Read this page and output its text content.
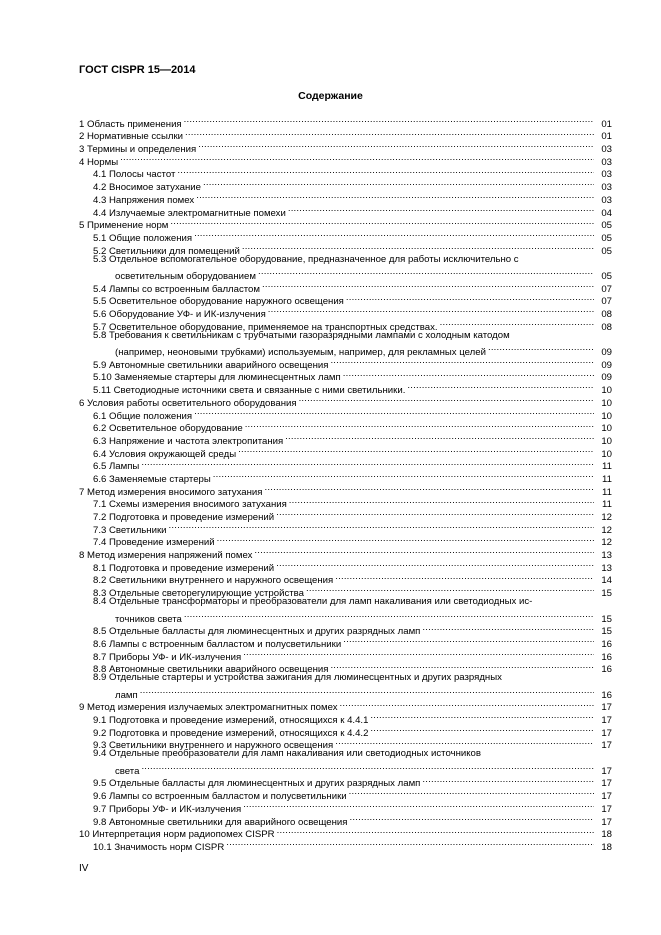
ГОСТ CISPR 15—2014
Содержание
1 Область применения .....	01
2 Нормативные ссылки .....	01
3 Термины и определения .....	03
4 Нормы .....	03
4.1 Полосы частот .....	03
4.2 Вносимое затухание .....	03
4.3 Напряжения помех .....	03
4.4 Излучаемые электромагнитные помехи .....	04
5 Применение норм .....	05
5.1 Общие положения .....	05
5.2 Светильники для помещений .....	05
5.3 Отдельное вспомогательное оборудование, предназначенное для работы исключительно с
осветительным оборудованием .....	05
5.4 Лампы со встроенным балластом .....	07
5.5 Осветительное оборудование наружного освещения .....	07
5.6 Оборудование УФ- и ИК-излучения .....	08
5.7 Осветительное оборудование, применяемое на транспортных средствах. .....	08
5.8 Требования к светильникам с трубчатыми газоразрядными лампами с холодным катодом
(например, неоновыми трубками) используемым, например, для рекламных целей .....	09
5.9 Автономные светильники аварийного освещения .....	09
5.10 Заменяемые стартеры для люминесцентных ламп .....	09
5.11 Светодиодные источники света и связанные с ними светильники. .....	10
6 Условия работы осветительного оборудования .....	10
6.1 Общие положения .....	10
6.2 Осветительное оборудование .....	10
6.3 Напряжение и частота электропитания .....	10
6.4 Условия окружающей среды .....	10
6.5 Лампы .....	11
6.6 Заменяемые стартеры .....	11
7 Метод измерения вносимого затухания .....	11
7.1 Схемы измерения вносимого затухания .....	11
7.2 Подготовка и проведение измерений .....	12
7.3 Светильники .....	12
7.4 Проведение измерений .....	12
8 Метод измерения напряжений помех .....	13
8.1 Подготовка и проведение измерений .....	13
8.2 Светильники внутреннего и наружного освещения .....	14
8.3 Отдельные светорегулирующие устройства .....	15
8.4 Отдельные трансформаторы и преобразователи для ламп накаливания или светодиодных ис-
точников света .....	15
8.5 Отдельные балласты для люминесцентных и других разрядных ламп .....	15
8.6 Лампы с встроенным балластом и полусветильники .....	16
8.7 Приборы УФ- и ИК-излучения .....	16
8.8 Автономные светильники аварийного освещения .....	16
8.9 Отдельные стартеры и устройства зажигания для люминесцентных и других разрядных
ламп .....	16
9 Метод измерения излучаемых электромагнитных помех .....	17
9.1 Подготовка и проведение измерений, относящихся к 4.4.1 .....	17
9.2 Подготовка и проведение измерений, относящихся к 4.4.2 .....	17
9.3 Светильники внутреннего и наружного освещения .....	17
9.4 Отдельные преобразователи для ламп накаливания или светодиодных источников
света .....	17
9.5 Отдельные балласты для люминесцентных и других разрядных ламп .....	17
9.6 Лампы со встроенным балластом и полусветильники .....	17
9.7 Приборы УФ- и ИК-излучения .....	17
9.8 Автономные светильники для аварийного освещения .....	17
10 Интерпретация норм радиопомех CISPR .....	18
10.1 Значимость норм CISPR .....	18
IV
